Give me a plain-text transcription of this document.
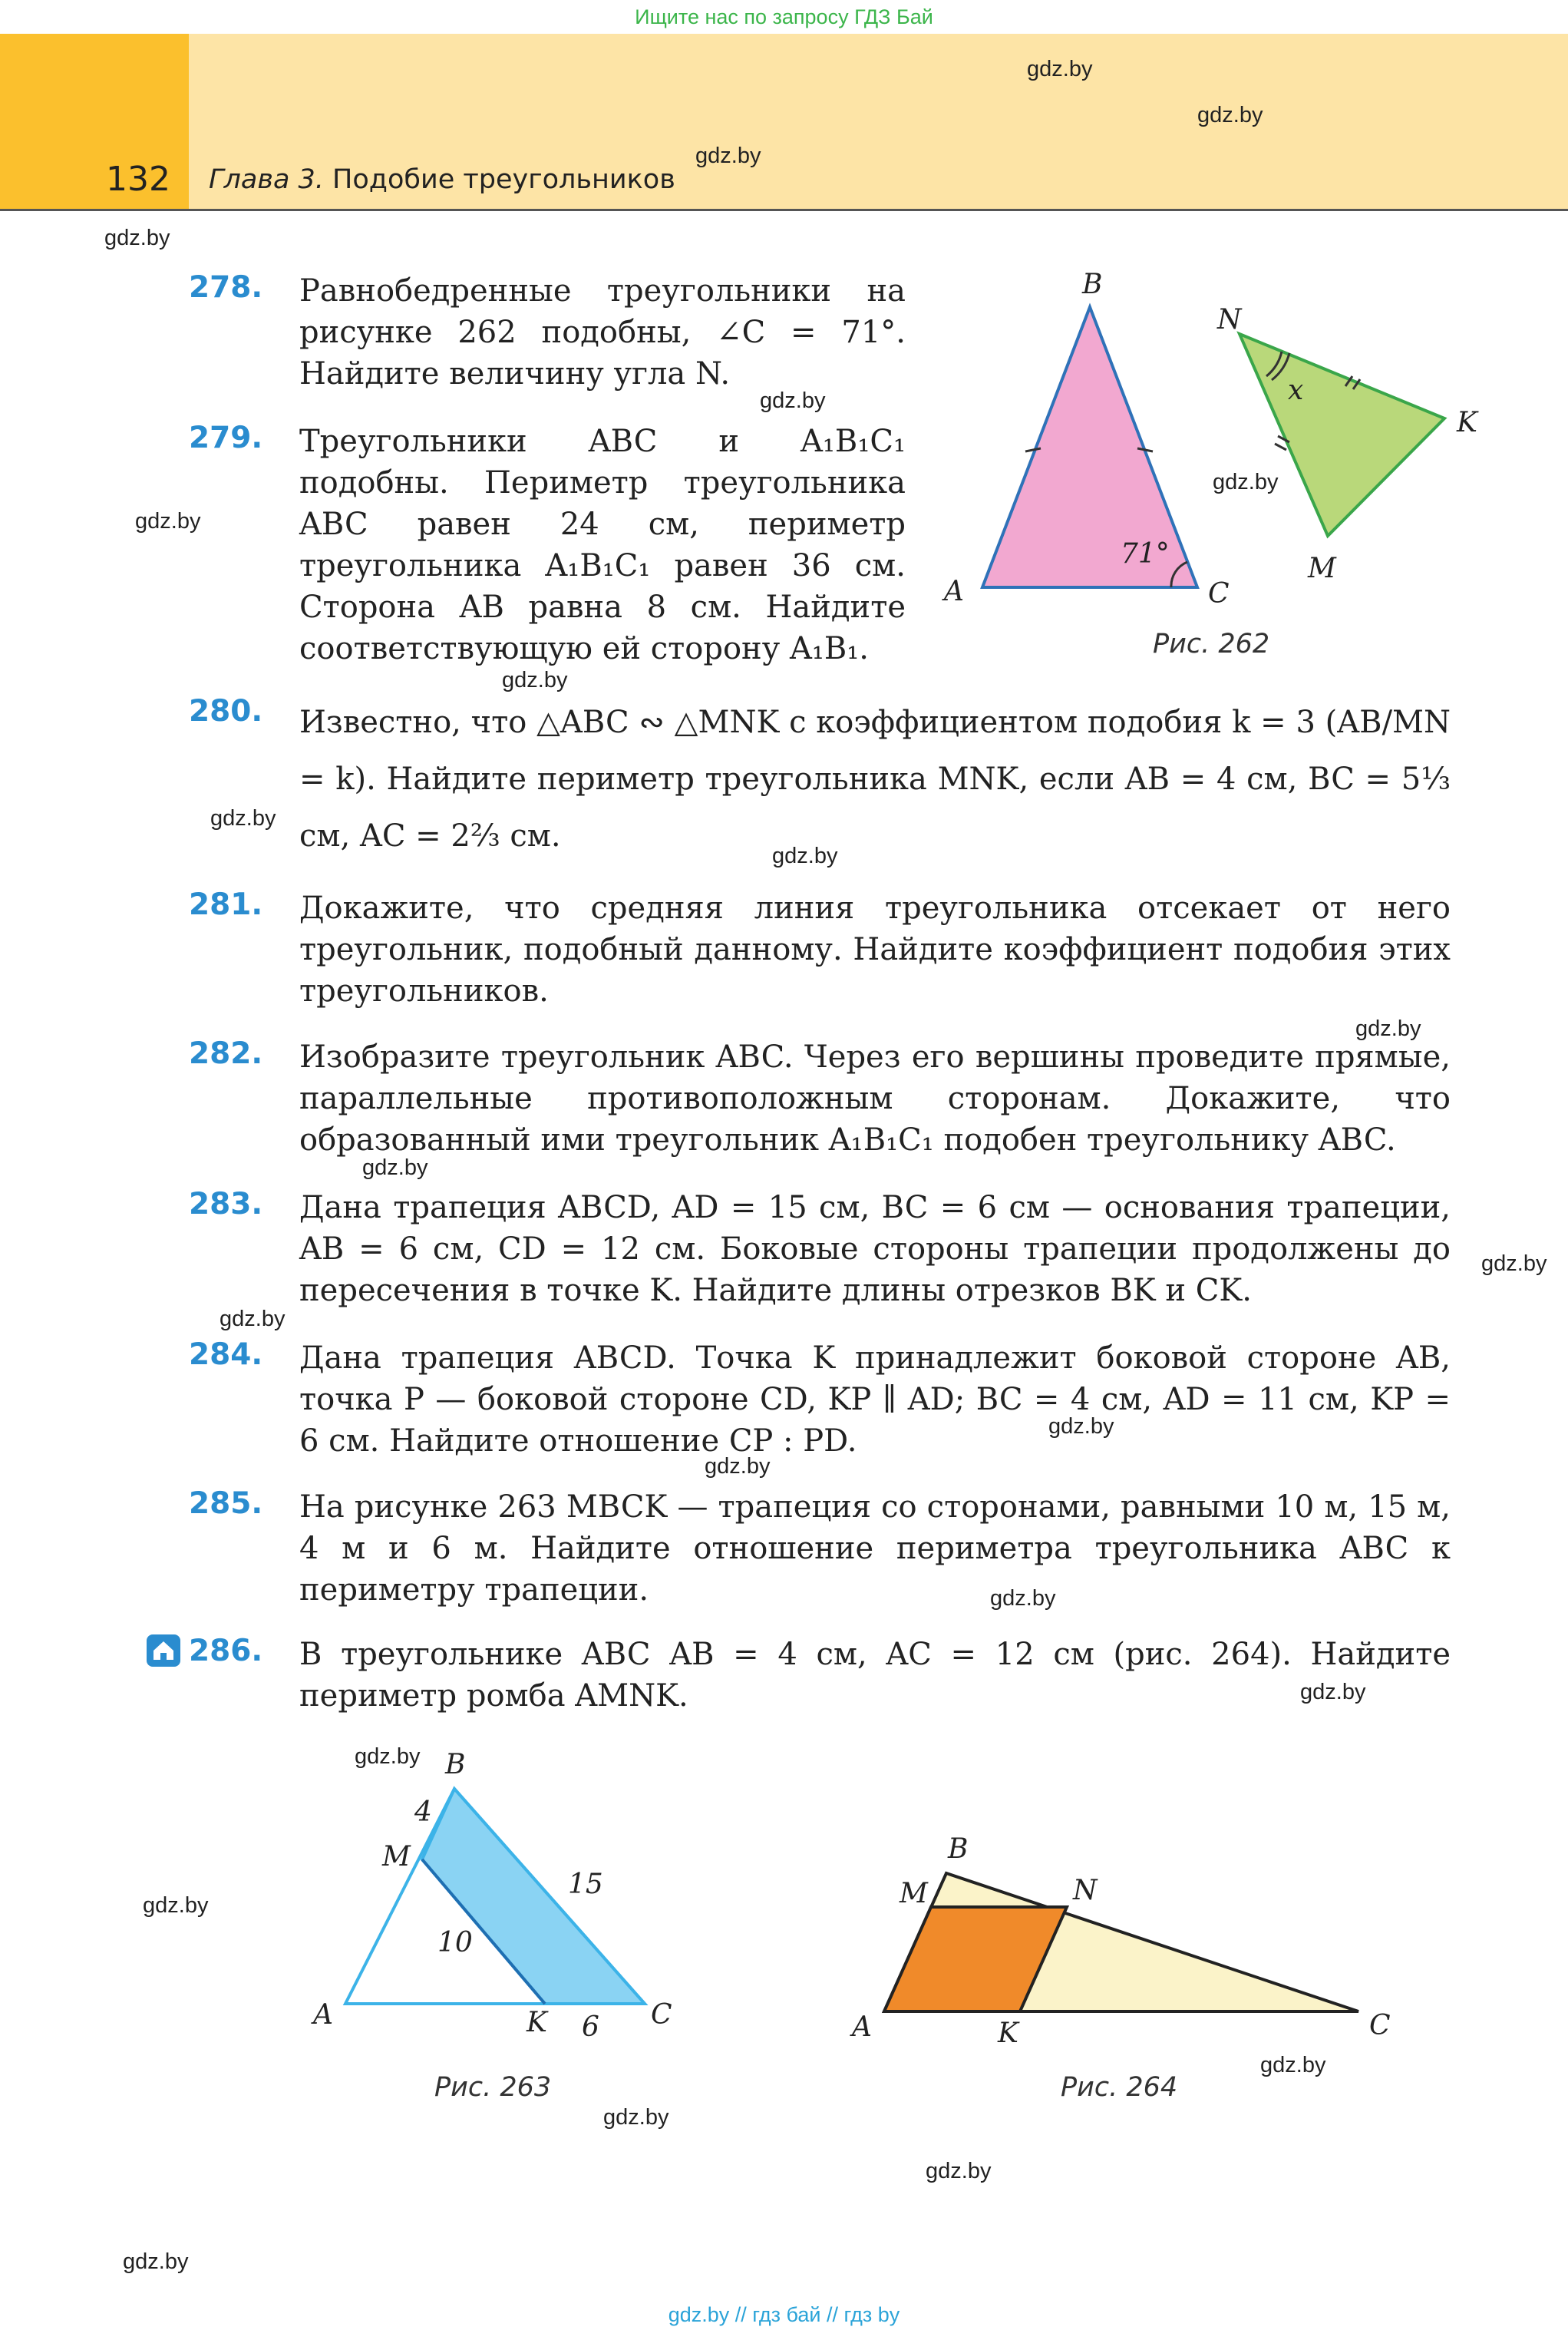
Ищите нас по запросу ГДЗ Бай
132 Глава 3. Подобие треугольников
gdz.by
gdz.by
gdz.by
gdz.by
gdz.by
gdz.by
gdz.by
gdz.by
gdz.by
gdz.by
gdz.by
gdz.by
gdz.by
gdz.by
gdz.by
gdz.by
gdz.by
gdz.by
gdz.by
gdz.by
gdz.by
gdz.by
gdz.by
gdz.by
278. Равнобедренные треугольники на рисунке 262 подобны, ∠C = 71°. Найдите величину угла N.
279. Треугольники ABC и A₁B₁C₁ подобны. Периметр треугольника ABC равен 24 см, периметр треугольника A₁B₁C₁ равен 36 см. Сторона AB равна 8 см. Найдите соответствующую ей сторону A₁B₁.
280. Известно, что △ABC ∾ △MNK с коэффициентом подобия k = 3 (AB/MN = k). Найдите периметр треугольника MNK, если AB = 4 см, BC = 5⅓ см, AC = 2⅔ см.
281. Докажите, что средняя линия треугольника отсекает от него треугольник, подобный данному. Найдите коэффициент подобия этих треугольников.
282. Изобразите треугольник ABC. Через его вершины проведите прямые, параллельные противоположным сторонам. Докажите, что образованный ими треугольник A₁B₁C₁ подобен треугольнику ABC.
283. Дана трапеция ABCD, AD = 15 см, BC = 6 см — основания трапеции, AB = 6 см, CD = 12 см. Боковые стороны трапеции продолжены до пересечения в точке K. Найдите длины отрезков BK и CK.
284. Дана трапеция ABCD. Точка K принадлежит боковой стороне AB, точка P — боковой стороне CD, KP ∥ AD; BC = 4 см, AD = 11 см, KP = 6 см. Найдите отношение CP : PD.
285. На рисунке 263 MBCK — трапеция со сторонами, равными 10 м, 15 м, 4 м и 6 м. Найдите отношение периметра треугольника ABC к периметру трапеции.
286. В треугольнике ABC AB = 4 см, AC = 12 см (рис. 264). Найдите периметр ромба AMNK.
71°
B
A	C
x
N
K
M
Рис. 262
B
A	C
M
K
4
15
10
6
Рис. 263
B
A	C
M	N
K
Рис. 264
gdz.by // гдз бай // гдз by
